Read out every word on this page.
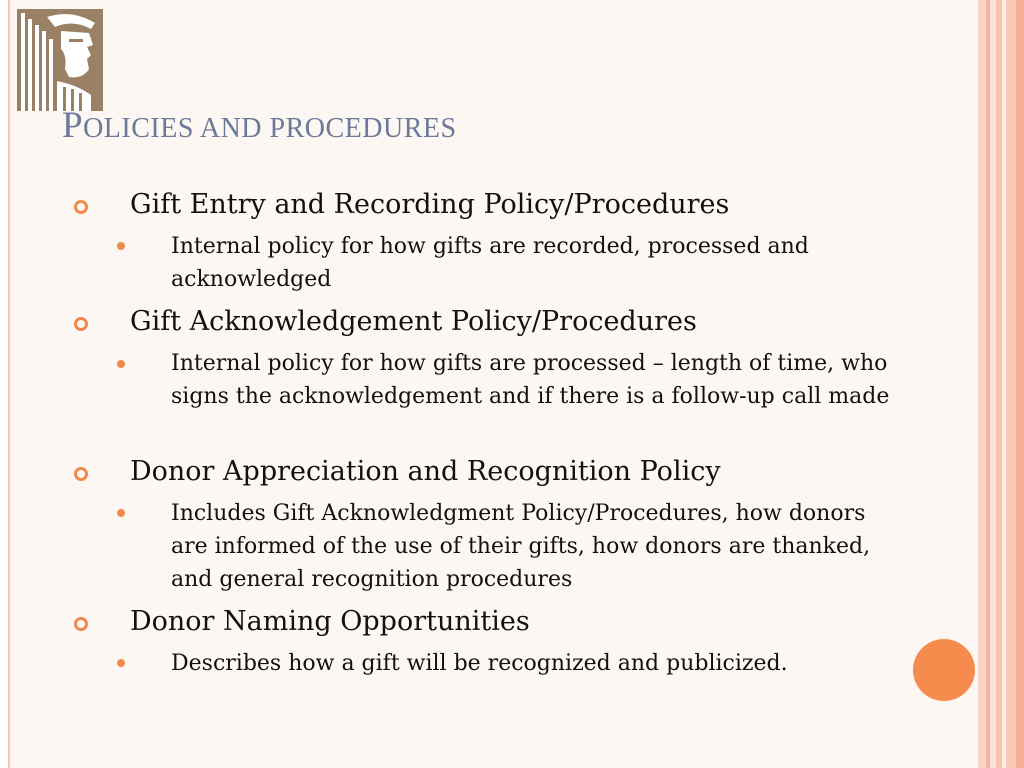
POLICIES AND PROCEDURES
Gift Entry and Recording Policy/Procedures
Internal policy for how gifts are recorded, processed and acknowledged
Gift Acknowledgement Policy/Procedures
Internal policy for how gifts are processed – length of time, who signs the acknowledgement and if there is a follow-up call made
Donor Appreciation and Recognition Policy
Includes Gift Acknowledgment Policy/Procedures, how donors are informed of the use of their gifts, how donors are thanked, and general recognition procedures
Donor Naming Opportunities
Describes how a gift will be recognized and publicized.
